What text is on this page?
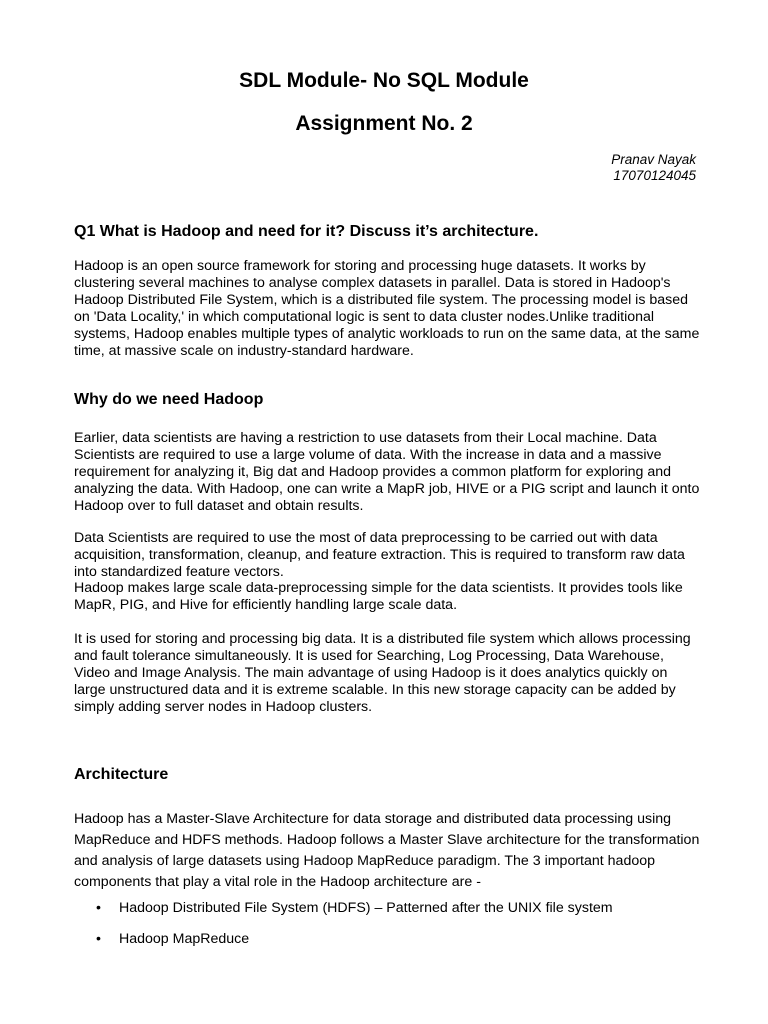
SDL Module- No SQL Module
Assignment No. 2
Pranav Nayak
17070124045
Q1 What is Hadoop and need for it? Discuss it’s architecture.

Hadoop is an open source framework for storing and processing huge datasets. It works by clustering several machines to analyse complex datasets in parallel. Data is stored in Hadoop's Hadoop Distributed File System, which is a distributed file system. The processing model is based on 'Data Locality,' in which computational logic is sent to data cluster nodes.Unlike traditional systems, Hadoop enables multiple types of analytic workloads to run on the same data, at the same time, at massive scale on industry-standard hardware.

Why do we need Hadoop

Earlier, data scientists are having a restriction to use datasets from their Local machine. Data Scientists are required to use a large volume of data. With the increase in data and a massive requirement for analyzing it, Big dat and Hadoop provides a common platform for exploring and analyzing the data. With Hadoop, one can write a MapR job, HIVE or a PIG script and launch it onto Hadoop over to full dataset and obtain results.

Data Scientists are required to use the most of data preprocessing to be carried out with data acquisition, transformation, cleanup, and feature extraction. This is required to transform raw data into standardized feature vectors.

Hadoop makes large scale data-preprocessing simple for the data scientists. It provides tools like MapR, PIG, and Hive for efficiently handling large scale data.

It is used for storing and processing big data. It is a distributed file system which allows processing and fault tolerance simultaneously. It is used for Searching, Log Processing, Data Warehouse, Video and Image Analysis. The main advantage of using Hadoop is it does analytics quickly on large unstructured data and it is extreme scalable. In this new storage capacity can be added by simply adding server nodes in Hadoop clusters.

Architecture

Hadoop has a Master-Slave Architecture for data storage and distributed data processing using MapReduce and HDFS methods. Hadoop follows a Master Slave architecture for the transformation and analysis of large datasets using Hadoop MapReduce paradigm. The 3 important hadoop components that play a vital role in the Hadoop architecture are -

• Hadoop Distributed File System (HDFS) – Patterned after the UNIX file system
• Hadoop MapReduce
